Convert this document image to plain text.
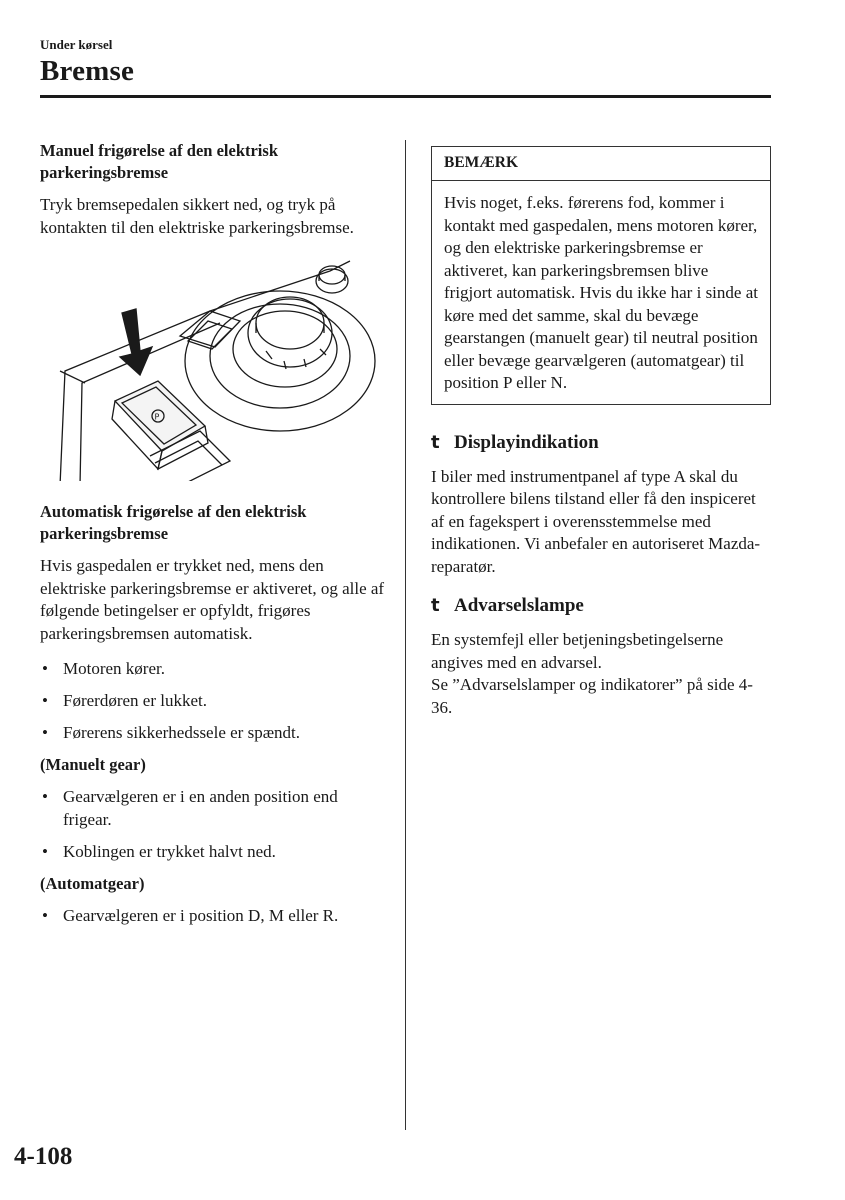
Under kørsel
Bremse
Manuel frigørelse af den elektrisk parkeringsbremse

Tryk bremsepedalen sikkert ned, og tryk på kontakten til den elektriske parkeringsbremse.

P
Automatisk frigørelse af den elektrisk parkeringsbremse

Hvis gaspedalen er trykket ned, mens den elektriske parkeringsbremse er aktiveret, og alle af følgende betingelser er opfyldt, frigøres parkeringsbremsen automatisk.

• Motoren kører.
• Førerdøren er lukket.
• Førerens sikkerhedssele er spændt.
(Manuelt gear)
• Gearvælgeren er i en anden position end frigear.
• Koblingen er trykket halvt ned.
(Automatgear)
• Gearvælgeren er i position D, M eller R.
BEMÆRK
Hvis noget, f.eks. førerens fod, kommer i kontakt med gaspedalen, mens motoren kører, og den elektriske parkeringsbremse er aktiveret, kan parkeringsbremsen blive frigjort automatisk. Hvis du ikke har i sinde at køre med det samme, skal du bevæge gearstangen (manuelt gear) til neutral position eller bevæge gearvælgeren (automatgear) til position P eller N.
t Displayindikation

I biler med instrumentpanel af type A skal du kontrollere bilens tilstand eller få den inspiceret af en fagekspert i overensstemmelse med indikationen. Vi anbefaler en autoriseret Mazda-reparatør.

t Advarselslampe

En systemfejl eller betjeningsbetingelserne angives med en advarsel.

Se ”Advarselslamper og indikatorer” på side 4-36.

4-108
